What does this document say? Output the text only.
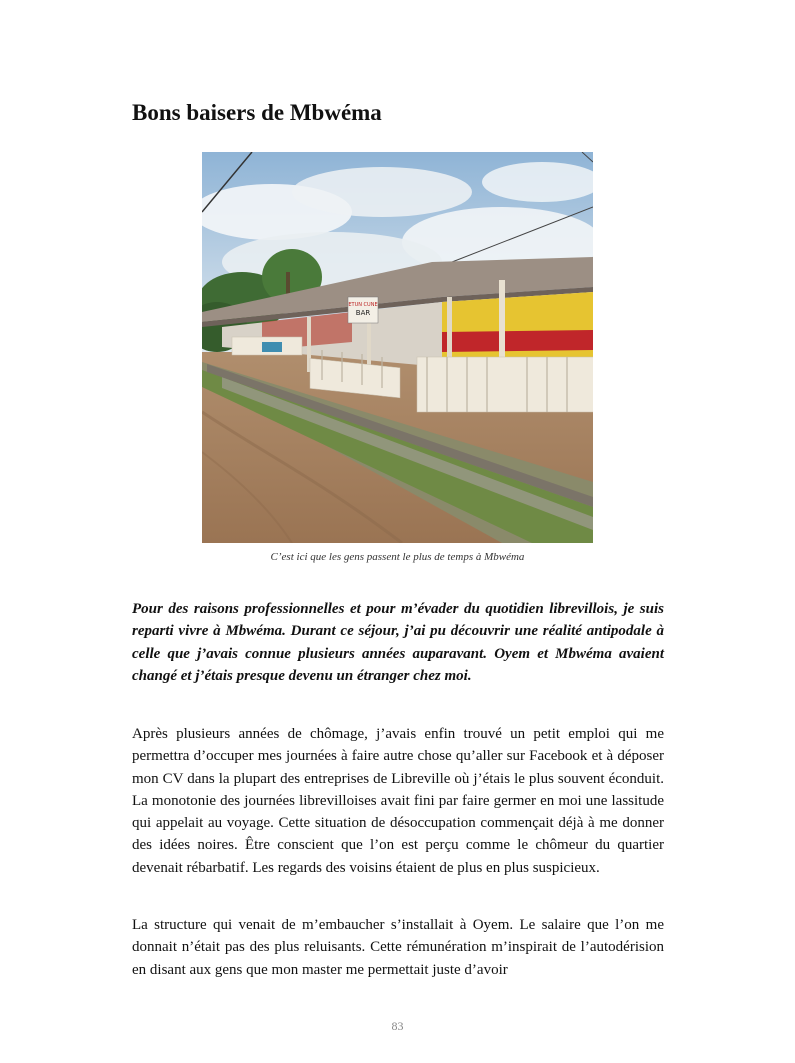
Bons baisers de Mbwéma
ETUN CUNE
BAR
C’est ici que les gens passent le plus de temps à Mbwéma

Pour des raisons professionnelles et pour m’évader du quotidien librevillois, je suis reparti vivre à Mbwéma. Durant ce séjour, j’ai pu découvrir une réalité antipodale à celle que j’avais connue plusieurs années auparavant. Oyem et Mbwéma avaient changé et j’étais presque devenu un étranger chez moi.

Après plusieurs années de chômage, j’avais enfin trouvé un petit emploi qui me permettra d’occuper mes journées à faire autre chose qu’aller sur Facebook et à déposer mon CV dans la plupart des entreprises de Libreville où j’étais le plus souvent éconduit. La monotonie des journées librevilloises avait fini par faire germer en moi une lassitude qui appelait au voyage. Cette situation de désoccupation commençait déjà à me donner des idées noires. Être conscient que l’on est perçu comme le chômeur du quartier devenait rébarbatif. Les regards des voisins étaient de plus en plus suspicieux.

La structure qui venait de m’embaucher s’installait à Oyem. Le salaire que l’on me donnait n’était pas des plus reluisants. Cette rémunération m’inspirait de l’autodérision en disant aux gens que mon master me permettait juste d’avoir

83
